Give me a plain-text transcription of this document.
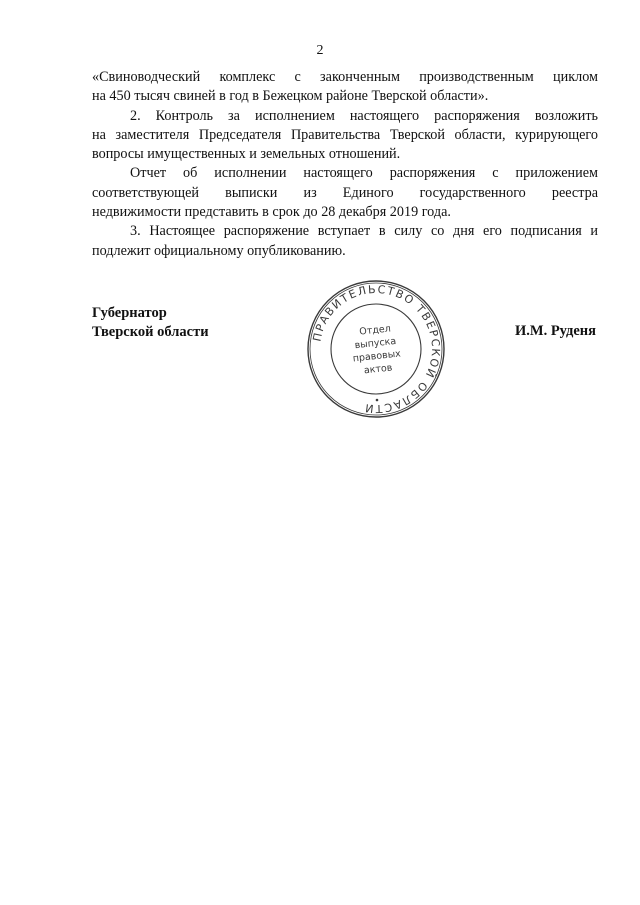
2

«Свиноводческий комплекс с законченным производственным циклом
на 450 тысяч свиней в год в Бежецком районе Тверской области».

2. Контроль за исполнением настоящего распоряжения возложить
на заместителя Председателя Правительства Тверской области, курирующего
вопросы имущественных и земельных отношений.

Отчет об исполнении настоящего распоряжения с приложением
соответствующей выписки из Единого государственного реестра
недвижимости представить в срок до 28 декабря 2019 года.

3. Настоящее распоряжение вступает в силу со дня его подписания и
подлежит официальному опубликованию.

Губернатор
Тверской области	ПРАВИТЕЛЬСТВО ТВЕРСКОЙ ОБЛАСТИ
Отдел
выпуска
правовых
актов
И.М. Руденя
